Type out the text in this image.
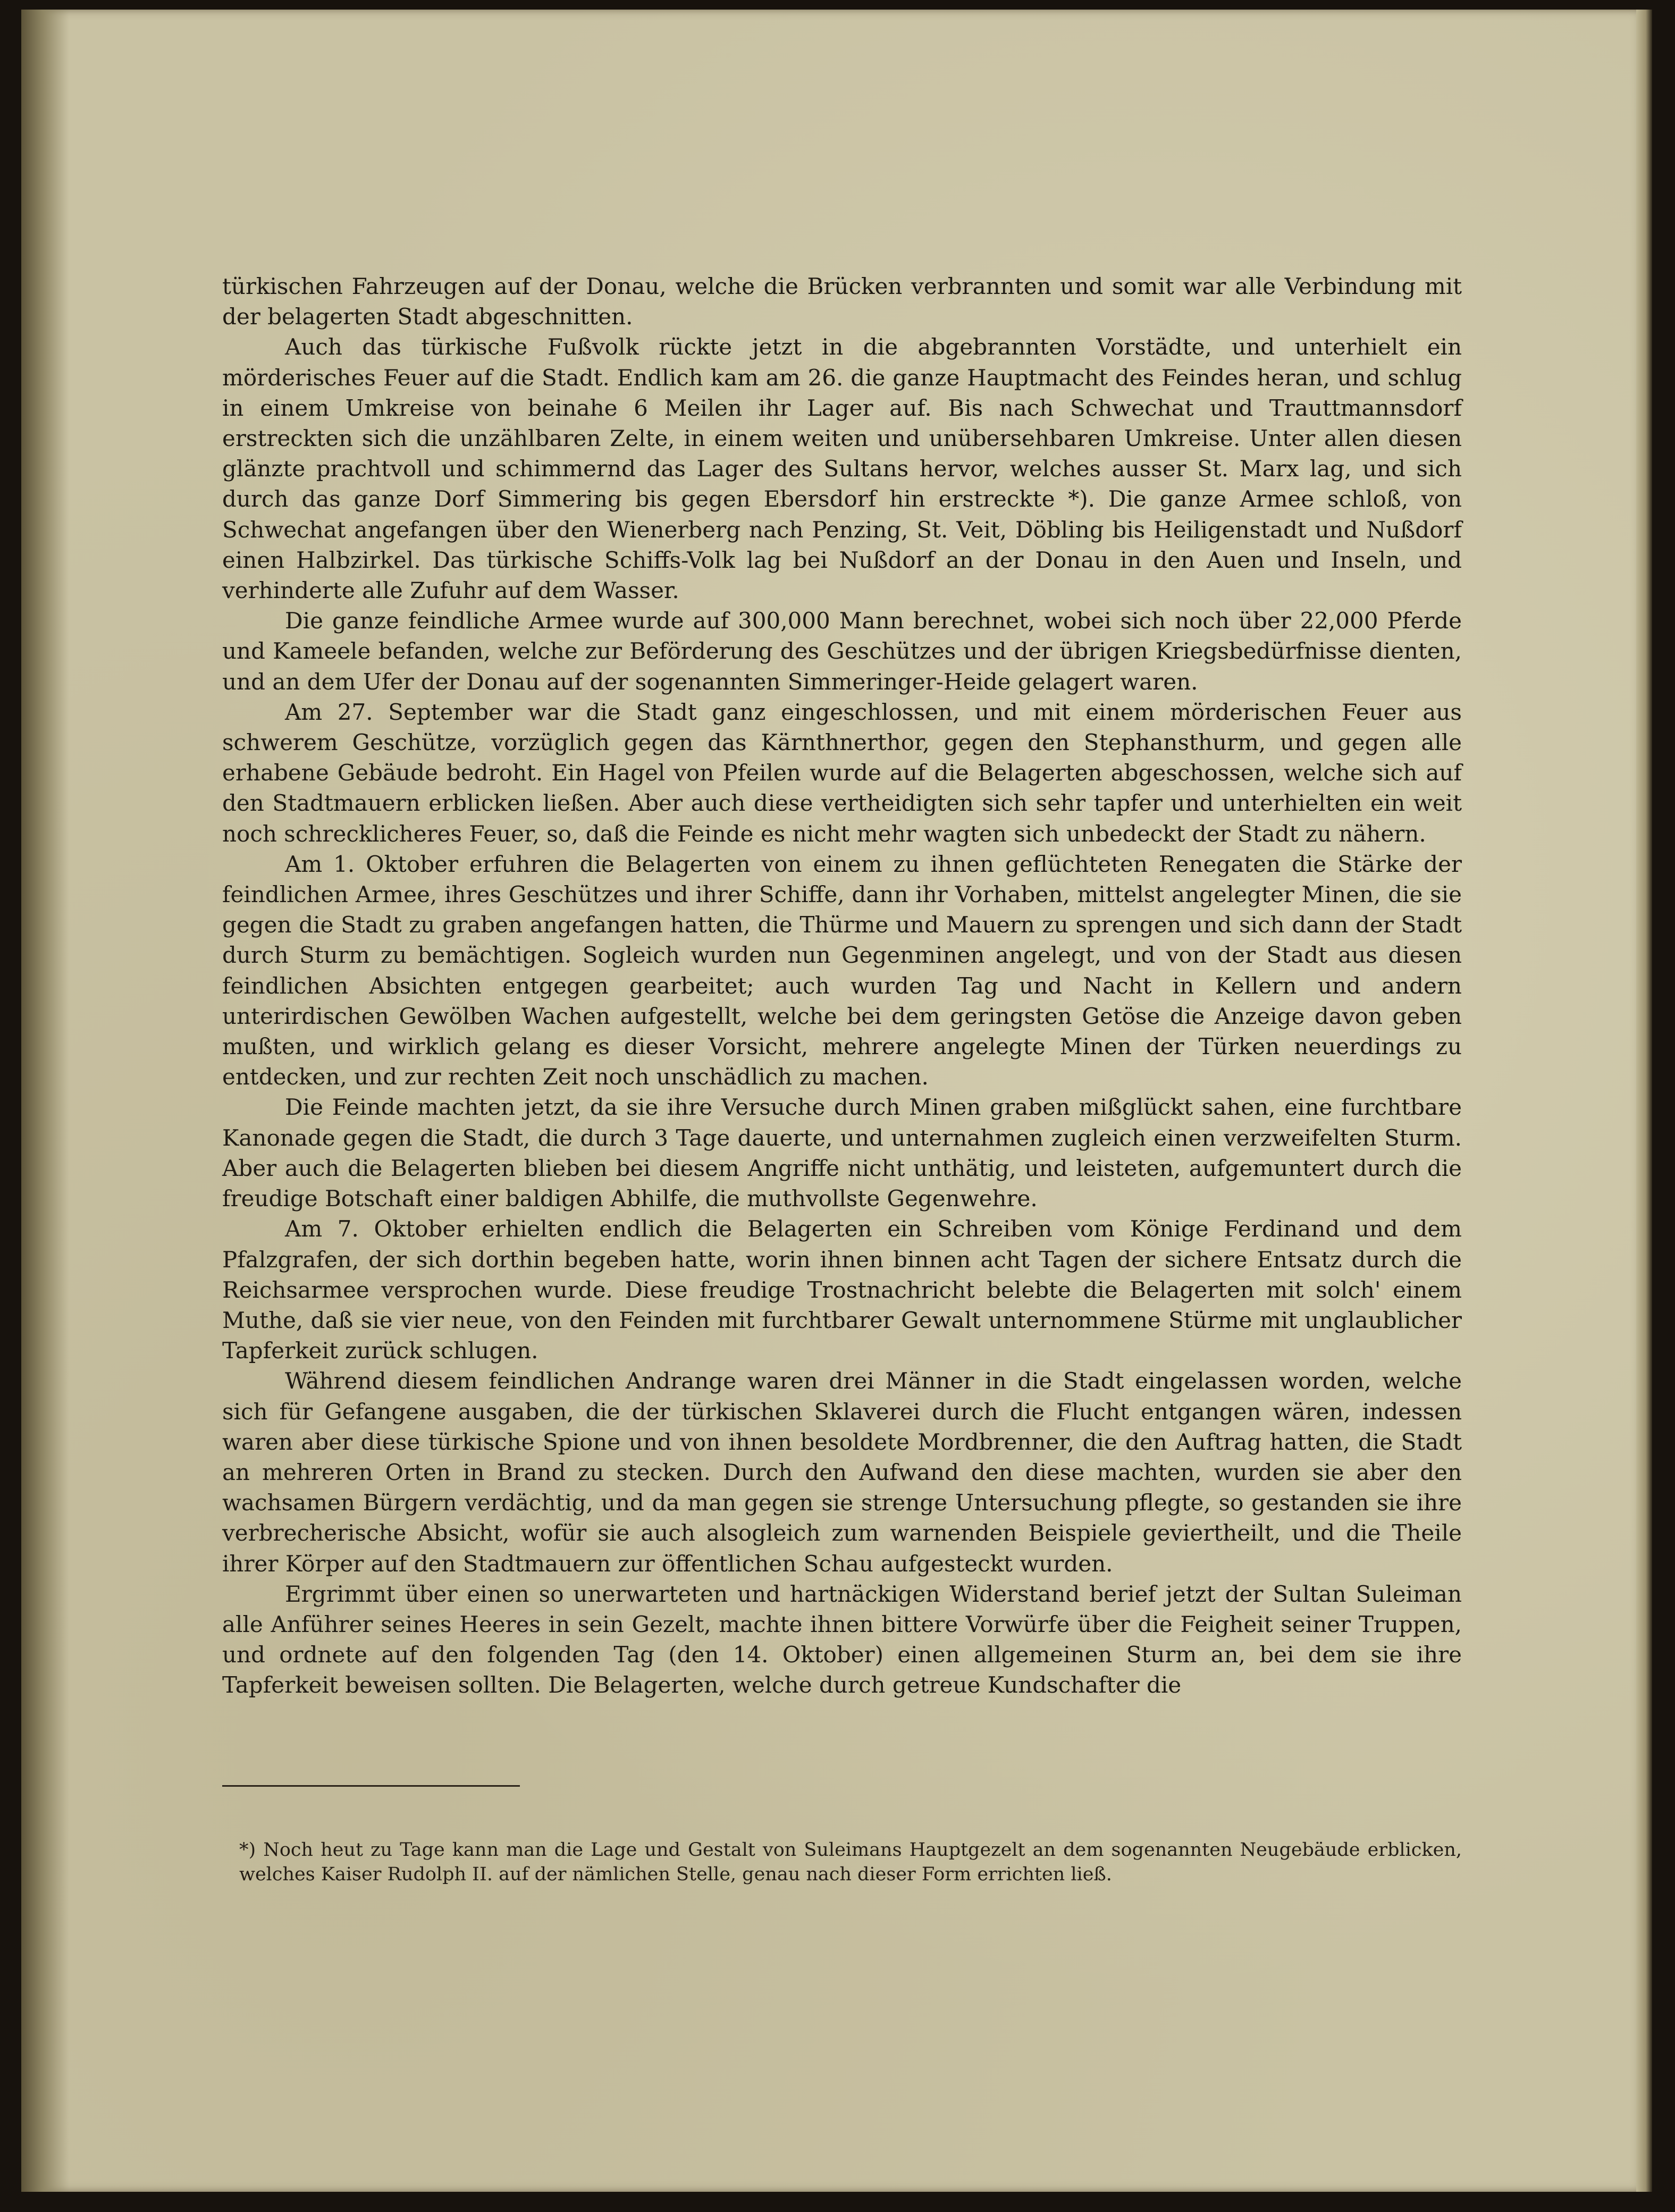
türkischen Fahrzeugen auf der Donau, welche die Brücken verbrannten und somit war alle Verbindung mit der belagerten Stadt abgeschnitten.

Auch das türkische Fußvolk rückte jetzt in die abgebrannten Vorstädte, und unterhielt ein mörderisches Feuer auf die Stadt. Endlich kam am 26. die ganze Hauptmacht des Feindes heran, und schlug in einem Umkreise von beinahe 6 Meilen ihr Lager auf. Bis nach Schwechat und Trauttmannsdorf erstreckten sich die unzählbaren Zelte, in einem weiten und unübersehbaren Umkreise. Unter allen diesen glänzte prachtvoll und schimmernd das Lager des Sultans hervor, welches ausser St. Marx lag, und sich durch das ganze Dorf Simmering bis gegen Ebersdorf hin erstreckte *). Die ganze Armee schloß, von Schwechat angefangen über den Wienerberg nach Penzing, St. Veit, Döbling bis Heiligenstadt und Nußdorf einen Halbzirkel. Das türkische Schiffs-Volk lag bei Nußdorf an der Donau in den Auen und Inseln, und verhinderte alle Zufuhr auf dem Wasser.

Die ganze feindliche Armee wurde auf 300,000 Mann berechnet, wobei sich noch über 22,000 Pferde und Kameele befanden, welche zur Beförderung des Geschützes und der übrigen Kriegsbedürfnisse dienten, und an dem Ufer der Donau auf der sogenannten Simmeringer-Heide gelagert waren.

Am 27. September war die Stadt ganz eingeschlossen, und mit einem mörderischen Feuer aus schwerem Geschütze, vorzüglich gegen das Kärnthnerthor, gegen den Stephansthurm, und gegen alle erhabene Gebäude bedroht. Ein Hagel von Pfeilen wurde auf die Belagerten abgeschossen, welche sich auf den Stadtmauern erblicken ließen. Aber auch diese vertheidigten sich sehr tapfer und unterhielten ein weit noch schrecklicheres Feuer, so, daß die Feinde es nicht mehr wagten sich unbedeckt der Stadt zu nähern.

Am 1. Oktober erfuhren die Belagerten von einem zu ihnen geflüchteten Renegaten die Stärke der feindlichen Armee, ihres Geschützes und ihrer Schiffe, dann ihr Vorhaben, mittelst angelegter Minen, die sie gegen die Stadt zu graben angefangen hatten, die Thürme und Mauern zu sprengen und sich dann der Stadt durch Sturm zu bemächtigen. Sogleich wurden nun Gegenminen angelegt, und von der Stadt aus diesen feindlichen Absichten entgegen gearbeitet; auch wurden Tag und Nacht in Kellern und andern unterirdischen Gewölben Wachen aufgestellt, welche bei dem geringsten Getöse die Anzeige davon geben mußten, und wirklich gelang es dieser Vorsicht, mehrere angelegte Minen der Türken neuerdings zu entdecken, und zur rechten Zeit noch unschädlich zu machen.

Die Feinde machten jetzt, da sie ihre Versuche durch Minen graben mißglückt sahen, eine furchtbare Kanonade gegen die Stadt, die durch 3 Tage dauerte, und unternahmen zugleich einen verzweifelten Sturm. Aber auch die Belagerten blieben bei diesem Angriffe nicht unthätig, und leisteten, aufgemuntert durch die freudige Botschaft einer baldigen Abhilfe, die muthvollste Gegenwehre.

Am 7. Oktober erhielten endlich die Belagerten ein Schreiben vom Könige Ferdinand und dem Pfalzgrafen, der sich dorthin begeben hatte, worin ihnen binnen acht Tagen der sichere Entsatz durch die Reichsarmee versprochen wurde. Diese freudige Trostnachricht belebte die Belagerten mit solch' einem Muthe, daß sie vier neue, von den Feinden mit furchtbarer Gewalt unternommene Stürme mit unglaublicher Tapferkeit zurück schlugen.

Während diesem feindlichen Andrange waren drei Männer in die Stadt eingelassen worden, welche sich für Gefangene ausgaben, die der türkischen Sklaverei durch die Flucht entgangen wären, indessen waren aber diese türkische Spione und von ihnen besoldete Mordbrenner, die den Auftrag hatten, die Stadt an mehreren Orten in Brand zu stecken. Durch den Aufwand den diese machten, wurden sie aber den wachsamen Bürgern verdächtig, und da man gegen sie strenge Untersuchung pflegte, so gestanden sie ihre verbrecherische Absicht, wofür sie auch alsogleich zum warnenden Beispiele geviertheilt, und die Theile ihrer Körper auf den Stadtmauern zur öffentlichen Schau aufgesteckt wurden.

Ergrimmt über einen so unerwarteten und hartnäckigen Widerstand berief jetzt der Sultan Suleiman alle Anführer seines Heeres in sein Gezelt, machte ihnen bittere Vorwürfe über die Feigheit seiner Truppen, und ordnete auf den folgenden Tag (den 14. Oktober) einen allgemeinen Sturm an, bei dem sie ihre Tapferkeit beweisen sollten. Die Belagerten, welche durch getreue Kundschafter die

*) Noch heut zu Tage kann man die Lage und Gestalt von Suleimans Hauptgezelt an dem sogenannten Neugebäude erblicken, welches Kaiser Rudolph II. auf der nämlichen Stelle, genau nach dieser Form errichten ließ.
